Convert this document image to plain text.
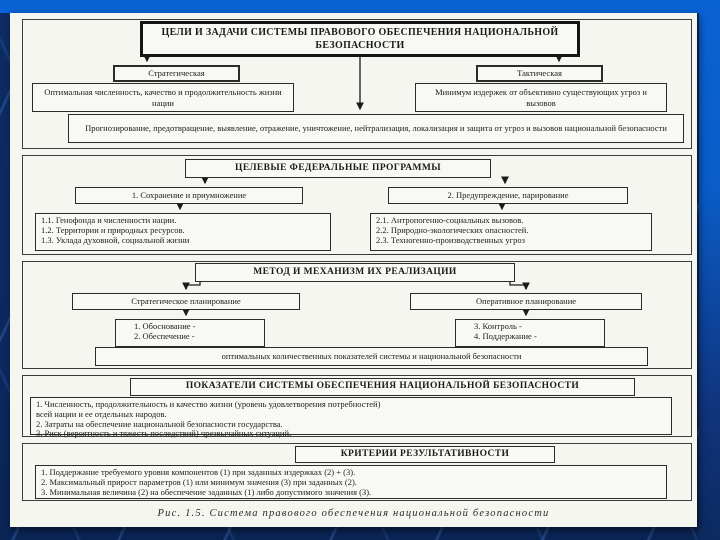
ЦЕЛИ И ЗАДАЧИ СИСТЕМЫ ПРАВОВОГО ОБЕСПЕЧЕНИЯ НАЦИОНАЛЬНОЙ БЕЗОПАСНОСТИ
Стратегическая	Тактическая
Оптимальная численность, качество и продолжительность жизни нации
Минимум издержек от объективно существующих угроз и вызовов
Прогнозирование, предотвращение, выявление, отражение, уничтожение, нейтрализация, локализация и защита от угроз и вызовов национальной безопасности
ЦЕЛЕВЫЕ ФЕДЕРАЛЬНЫЕ ПРОГРАММЫ
1. Сохранение и приумножение	2. Предупреждение, парирование
1.1. Генофонда и численности нации.
1.2. Территории и природных ресурсов.
1.3. Уклада духовной, социальной жизни
2.1. Антропогенно-социальных вызовов.
2.2. Природно-экологических опасностей.
2.3. Техногенно-производственных угроз
МЕТОД И МЕХАНИЗМ ИХ РЕАЛИЗАЦИИ
Стратегическое планирование	Оперативное планирование
1. Обоснование -
2. Обеспечение -
3. Контроль -
4. Поддержание -
оптимальных количественных показателей системы и национальной безопасности
ПОКАЗАТЕЛИ СИСТЕМЫ ОБЕСПЕЧЕНИЯ НАЦИОНАЛЬНОЙ БЕЗОПАСНОСТИ
1. Численность, продолжительность и качество жизни (уровень удовлетворения потребностей)
всей нации и ее отдельных народов.
2. Затраты на обеспечение национальной безопасности государства.
3. Риск (вероятность и тяжесть последствий) чрезвычайных ситуаций.
КРИТЕРИИ РЕЗУЛЬТАТИВНОСТИ
1. Поддержание требуемого уровня компонентов (1) при заданных издержках (2) + (3).
2. Максимальный прирост параметров (1) или минимум значения (3) при заданных (2).
3. Минимальная величина (2) на обеспечение заданных (1) либо допустимого значения (3).
Рис. 1.5. Система правового обеспечения национальной безопасности
